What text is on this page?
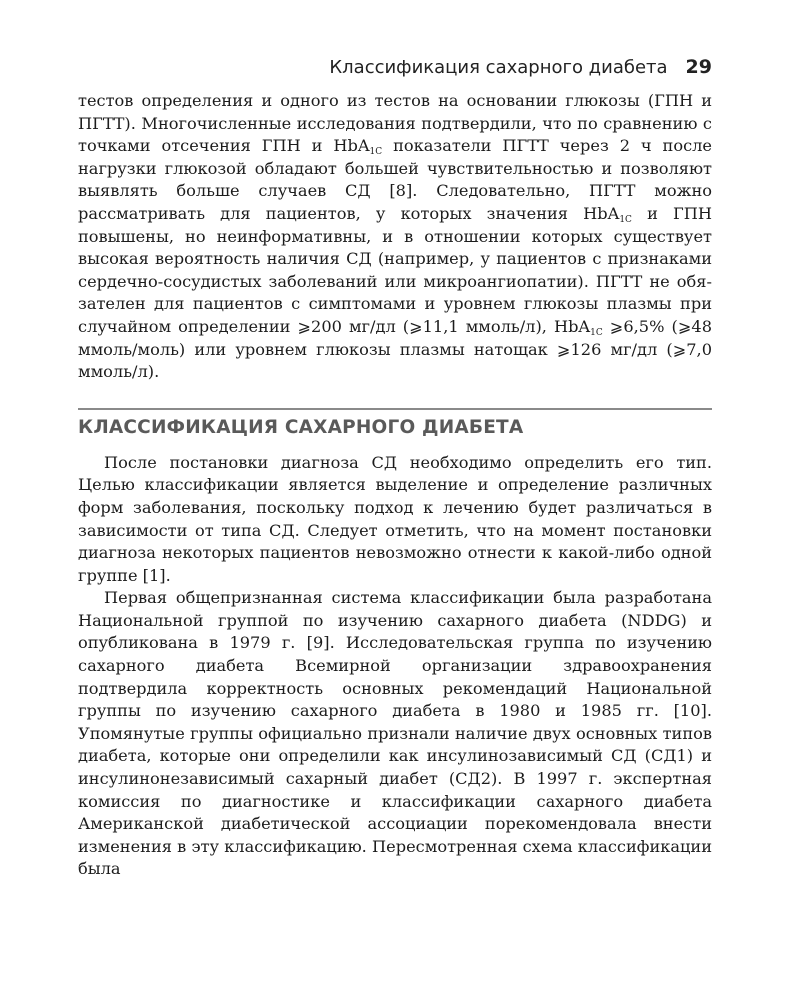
Классификация сахарного диабета 29

тестов определения и одного из тестов на основании глюкозы (ГПН и ПГТТ). Многочисленные исследования подтвердили, что по сравнению с точками отсечения ГПН и HbA$_{1C}$ показатели ПГТТ через 2 ч после нагрузки глюкозой обладают большей чувствительностью и позволяют выявлять больше случаев СД [8]. Следовательно, ПГТТ можно рассматривать для пациентов, у которых значения HbA$_{1C}$ и ГПН повышены, но неинформативны, и в отношении которых существует высокая вероятность наличия СД (например, у пациентов с признаками сердечно-сосудистых заболеваний или микроангиопатии). ПГТТ не обязателен для пациентов с симптомами и уровнем глюкозы плазмы при случайном определении ⩾200 мг/дл (⩾11,1 ммоль/л), HbA$_{1C}$ ⩾6,5% (⩾48 ммоль/моль) или уровнем глюкозы плазмы натощак ⩾126 мг/дл (⩾7,0 ммоль/л).

КЛАССИФИКАЦИЯ САХАРНОГО ДИАБЕТА

После постановки диагноза СД необходимо определить его тип. Целью классификации является выделение и определение различных форм заболевания, поскольку подход к лечению будет различаться в зависимости от типа СД. Следует отметить, что на момент постановки диагноза некоторых пациентов невозможно отнести к какой-либо одной группе [1].

Первая общепризнанная система классификации была разработана Национальной группой по изучению сахарного диабета (NDDG) и опубликована в 1979 г. [9]. Исследовательская группа по изучению сахарного диабета Всемирной организации здравоохранения подтвердила корректность основных рекомендаций Национальной группы по изучению сахарного диабета в 1980 и 1985 гг. [10]. Упомянутые группы официально признали наличие двух основных типов диабета, которые они определили как инсулинозависимый СД (СД1) и инсулинонезависимый сахарный диабет (СД2). В 1997 г. экспертная комиссия по диагностике и классификации сахарного диабета Американской диабетической ассоциации порекомендовала внести изменения в эту классификацию. Пересмотренная схема классификации была
